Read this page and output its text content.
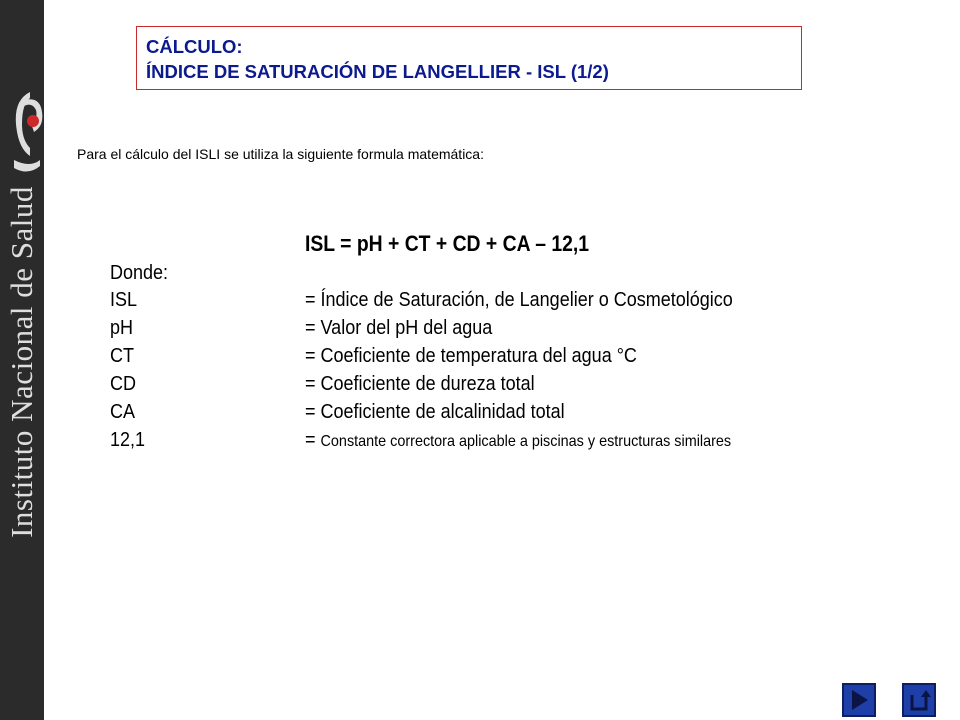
Instituto Nacional de Salud
CÁLCULO:
ÍNDICE DE SATURACIÓN DE LANGELLIER - ISL (1/2)
Para el cálculo del ISLI se utiliza la siguiente formula matemática:
ISL = pH + CT + CD + CA – 12,1
Donde:
ISL	= Índice de Saturación, de Langelier o Cosmetológico
pH	= Valor del pH del agua
CT	= Coeficiente de temperatura del agua °C
CD	= Coeficiente de dureza total
CA	= Coeficiente de alcalinidad total
12,1	= Constante correctora aplicable a piscinas y estructuras similares
